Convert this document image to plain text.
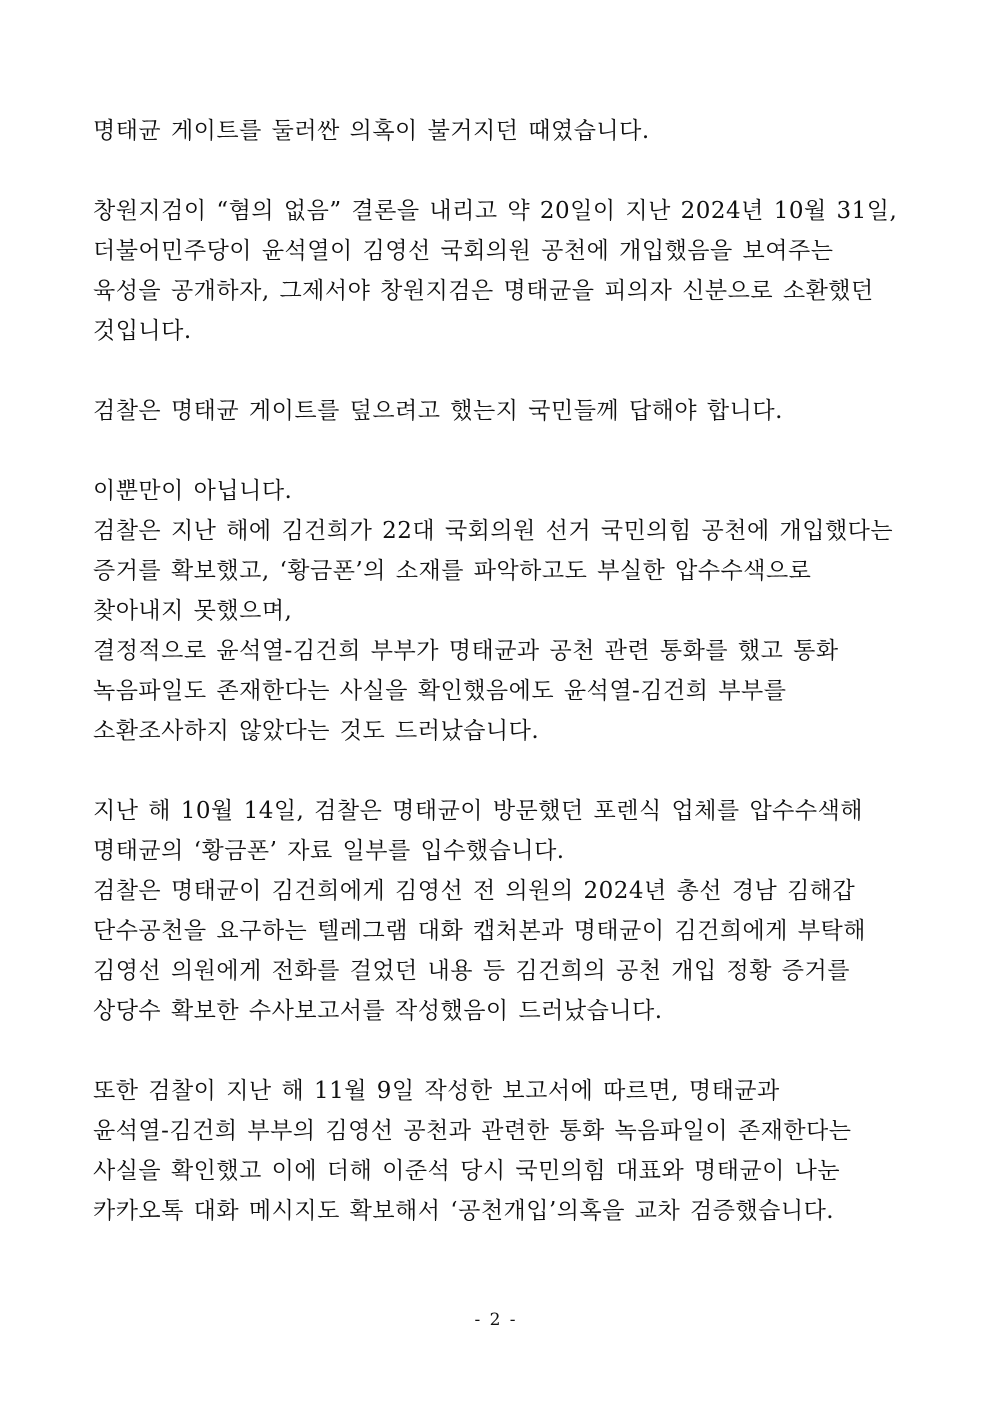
명태균 게이트를 둘러싼 의혹이 불거지던 때였습니다.
창원지검이 “혐의 없음” 결론을 내리고 약 20일이 지난 2024년 10월 31일,
더불어민주당이 윤석열이 김영선 국회의원 공천에 개입했음을 보여주는
육성을 공개하자, 그제서야 창원지검은 명태균을 피의자 신분으로 소환했던
것입니다.
검찰은 명태균 게이트를 덮으려고 했는지 국민들께 답해야 합니다.
이뿐만이 아닙니다.
검찰은 지난 해에 김건희가 22대 국회의원 선거 국민의힘 공천에 개입했다는
증거를 확보했고, ‘황금폰’의 소재를 파악하고도 부실한 압수수색으로
찾아내지 못했으며,
결정적으로 윤석열-김건희 부부가 명태균과 공천 관련 통화를 했고 통화
녹음파일도 존재한다는 사실을 확인했음에도 윤석열-김건희 부부를
소환조사하지 않았다는 것도 드러났습니다.
지난 해 10월 14일, 검찰은 명태균이 방문했던 포렌식 업체를 압수수색해
명태균의 ‘황금폰’ 자료 일부를 입수했습니다.
검찰은 명태균이 김건희에게 김영선 전 의원의 2024년 총선 경남 김해갑
단수공천을 요구하는 텔레그램 대화 캡처본과 명태균이 김건희에게 부탁해
김영선 의원에게 전화를 걸었던 내용 등 김건희의 공천 개입 정황 증거를
상당수 확보한 수사보고서를 작성했음이 드러났습니다.
또한 검찰이 지난 해 11월 9일 작성한 보고서에 따르면, 명태균과
윤석열-김건희 부부의 김영선 공천과 관련한 통화 녹음파일이 존재한다는
사실을 확인했고 이에 더해 이준석 당시 국민의힘 대표와 명태균이 나눈
카카오톡 대화 메시지도 확보해서 ‘공천개입’의혹을 교차 검증했습니다.
- 2 -
